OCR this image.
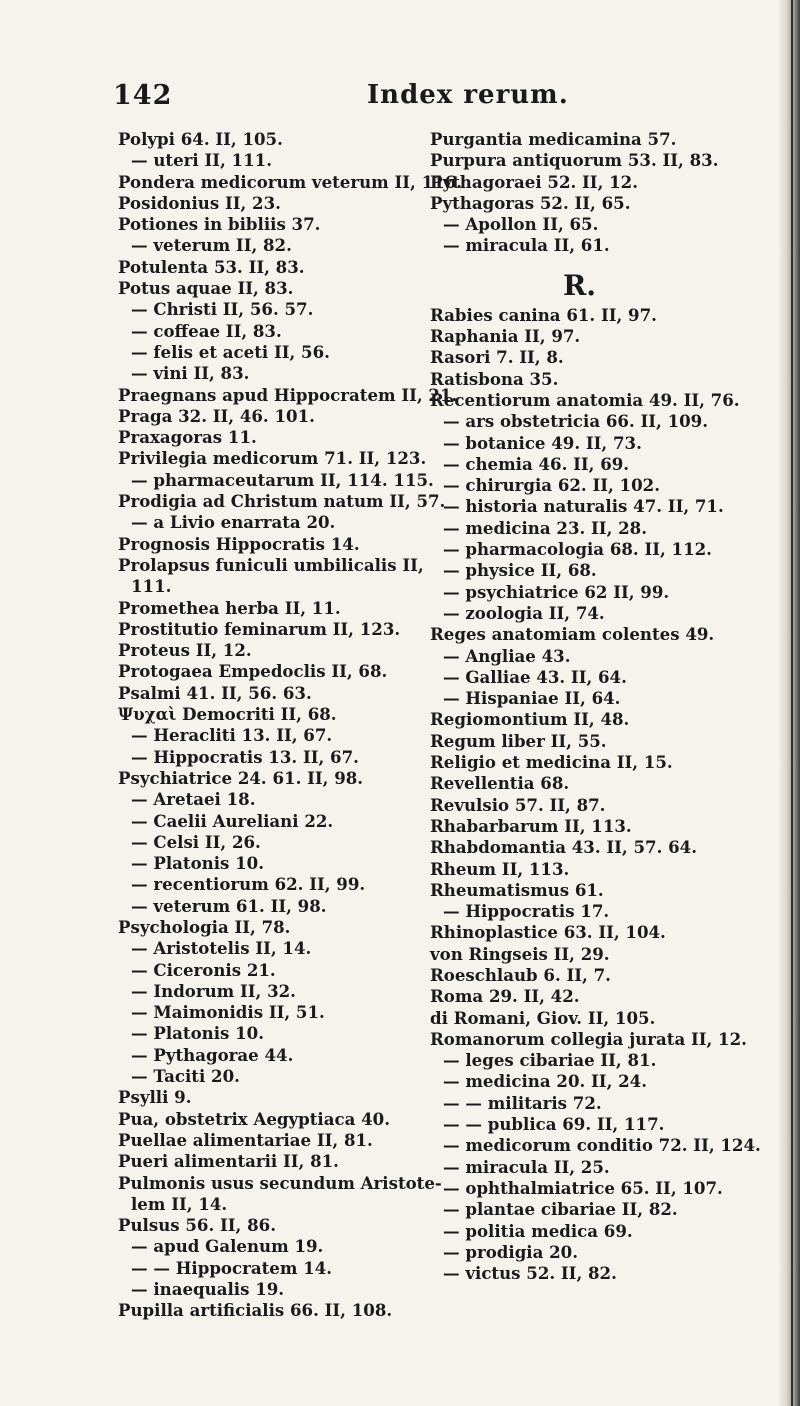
142	Index rerum.
Polypi 64. II, 105.
— uteri II, 111.
Pondera medicorum veterum II, 116.
Posidonius II, 23.
Potiones in bibliis 37.
— veterum II, 82.
Potulenta 53. II, 83.
Potus aquae II, 83.
— Christi II, 56. 57.
— coffeae II, 83.
— felis et aceti II, 56.
— vini II, 83.
Praegnans apud Hippocratem II, 21.
Praga 32. II, 46. 101.
Praxagoras 11.
Privilegia medicorum 71. II, 123.
— pharmaceutarum II, 114. 115.
Prodigia ad Christum natum II, 57.
— a Livio enarrata 20.
Prognosis Hippocratis 14.
Prolapsus funiculi umbilicalis II,
111.
Promethea herba II, 11.
Prostitutio feminarum II, 123.
Proteus II, 12.
Protogaea Empedoclis II, 68.
Psalmi 41. II, 56. 63.
Ψυχαὶ Democriti II, 68.
— Heracliti 13. II, 67.
— Hippocratis 13. II, 67.
Psychiatrice 24. 61. II, 98.
— Aretaei 18.
— Caelii Aureliani 22.
— Celsi II, 26.
— Platonis 10.
— recentiorum 62. II, 99.
— veterum 61. II, 98.
Psychologia II, 78.
— Aristotelis II, 14.
— Ciceronis 21.
— Indorum II, 32.
— Maimonidis II, 51.
— Platonis 10.
— Pythagorae 44.
— Taciti 20.
Psylli 9.
Pua, obstetrix Aegyptiaca 40.
Puellae alimentariae II, 81.
Pueri alimentarii II, 81.
Pulmonis usus secundum Aristote-
lem II, 14.
Pulsus 56. II, 86.
— apud Galenum 19.
— — Hippocratem 14.
— inaequalis 19.
Pupilla artificialis 66. II, 108.
Purgantia medicamina 57.
Purpura antiquorum 53. II, 83.
Pythagoraei 52. II, 12.
Pythagoras 52. II, 65.
— Apollon II, 65.
— miracula II, 61.
R.
Rabies canina 61. II, 97.
Raphania II, 97.
Rasori 7. II, 8.
Ratisbona 35.
Recentiorum anatomia 49. II, 76.
— ars obstetricia 66. II, 109.
— botanice 49. II, 73.
— chemia 46. II, 69.
— chirurgia 62. II, 102.
— historia naturalis 47. II, 71.
— medicina 23. II, 28.
— pharmacologia 68. II, 112.
— physice II, 68.
— psychiatrice 62 II, 99.
— zoologia II, 74.
Reges anatomiam colentes 49.
— Angliae 43.
— Galliae 43. II, 64.
— Hispaniae II, 64.
Regiomontium II, 48.
Regum liber II, 55.
Religio et medicina II, 15.
Revellentia 68.
Revulsio 57. II, 87.
Rhabarbarum II, 113.
Rhabdomantia 43. II, 57. 64.
Rheum II, 113.
Rheumatismus 61.
— Hippocratis 17.
Rhinoplastice 63. II, 104.
von Ringseis II, 29.
Roeschlaub 6. II, 7.
Roma 29. II, 42.
di Romani, Giov. II, 105.
Romanorum collegia jurata II, 12.
— leges cibariae II, 81.
— medicina 20. II, 24.
— — militaris 72.
— — publica 69. II, 117.
— medicorum conditio 72. II, 124.
— miracula II, 25.
— ophthalmiatrice 65. II, 107.
— plantae cibariae II, 82.
— politia medica 69.
— prodigia 20.
— victus 52. II, 82.
